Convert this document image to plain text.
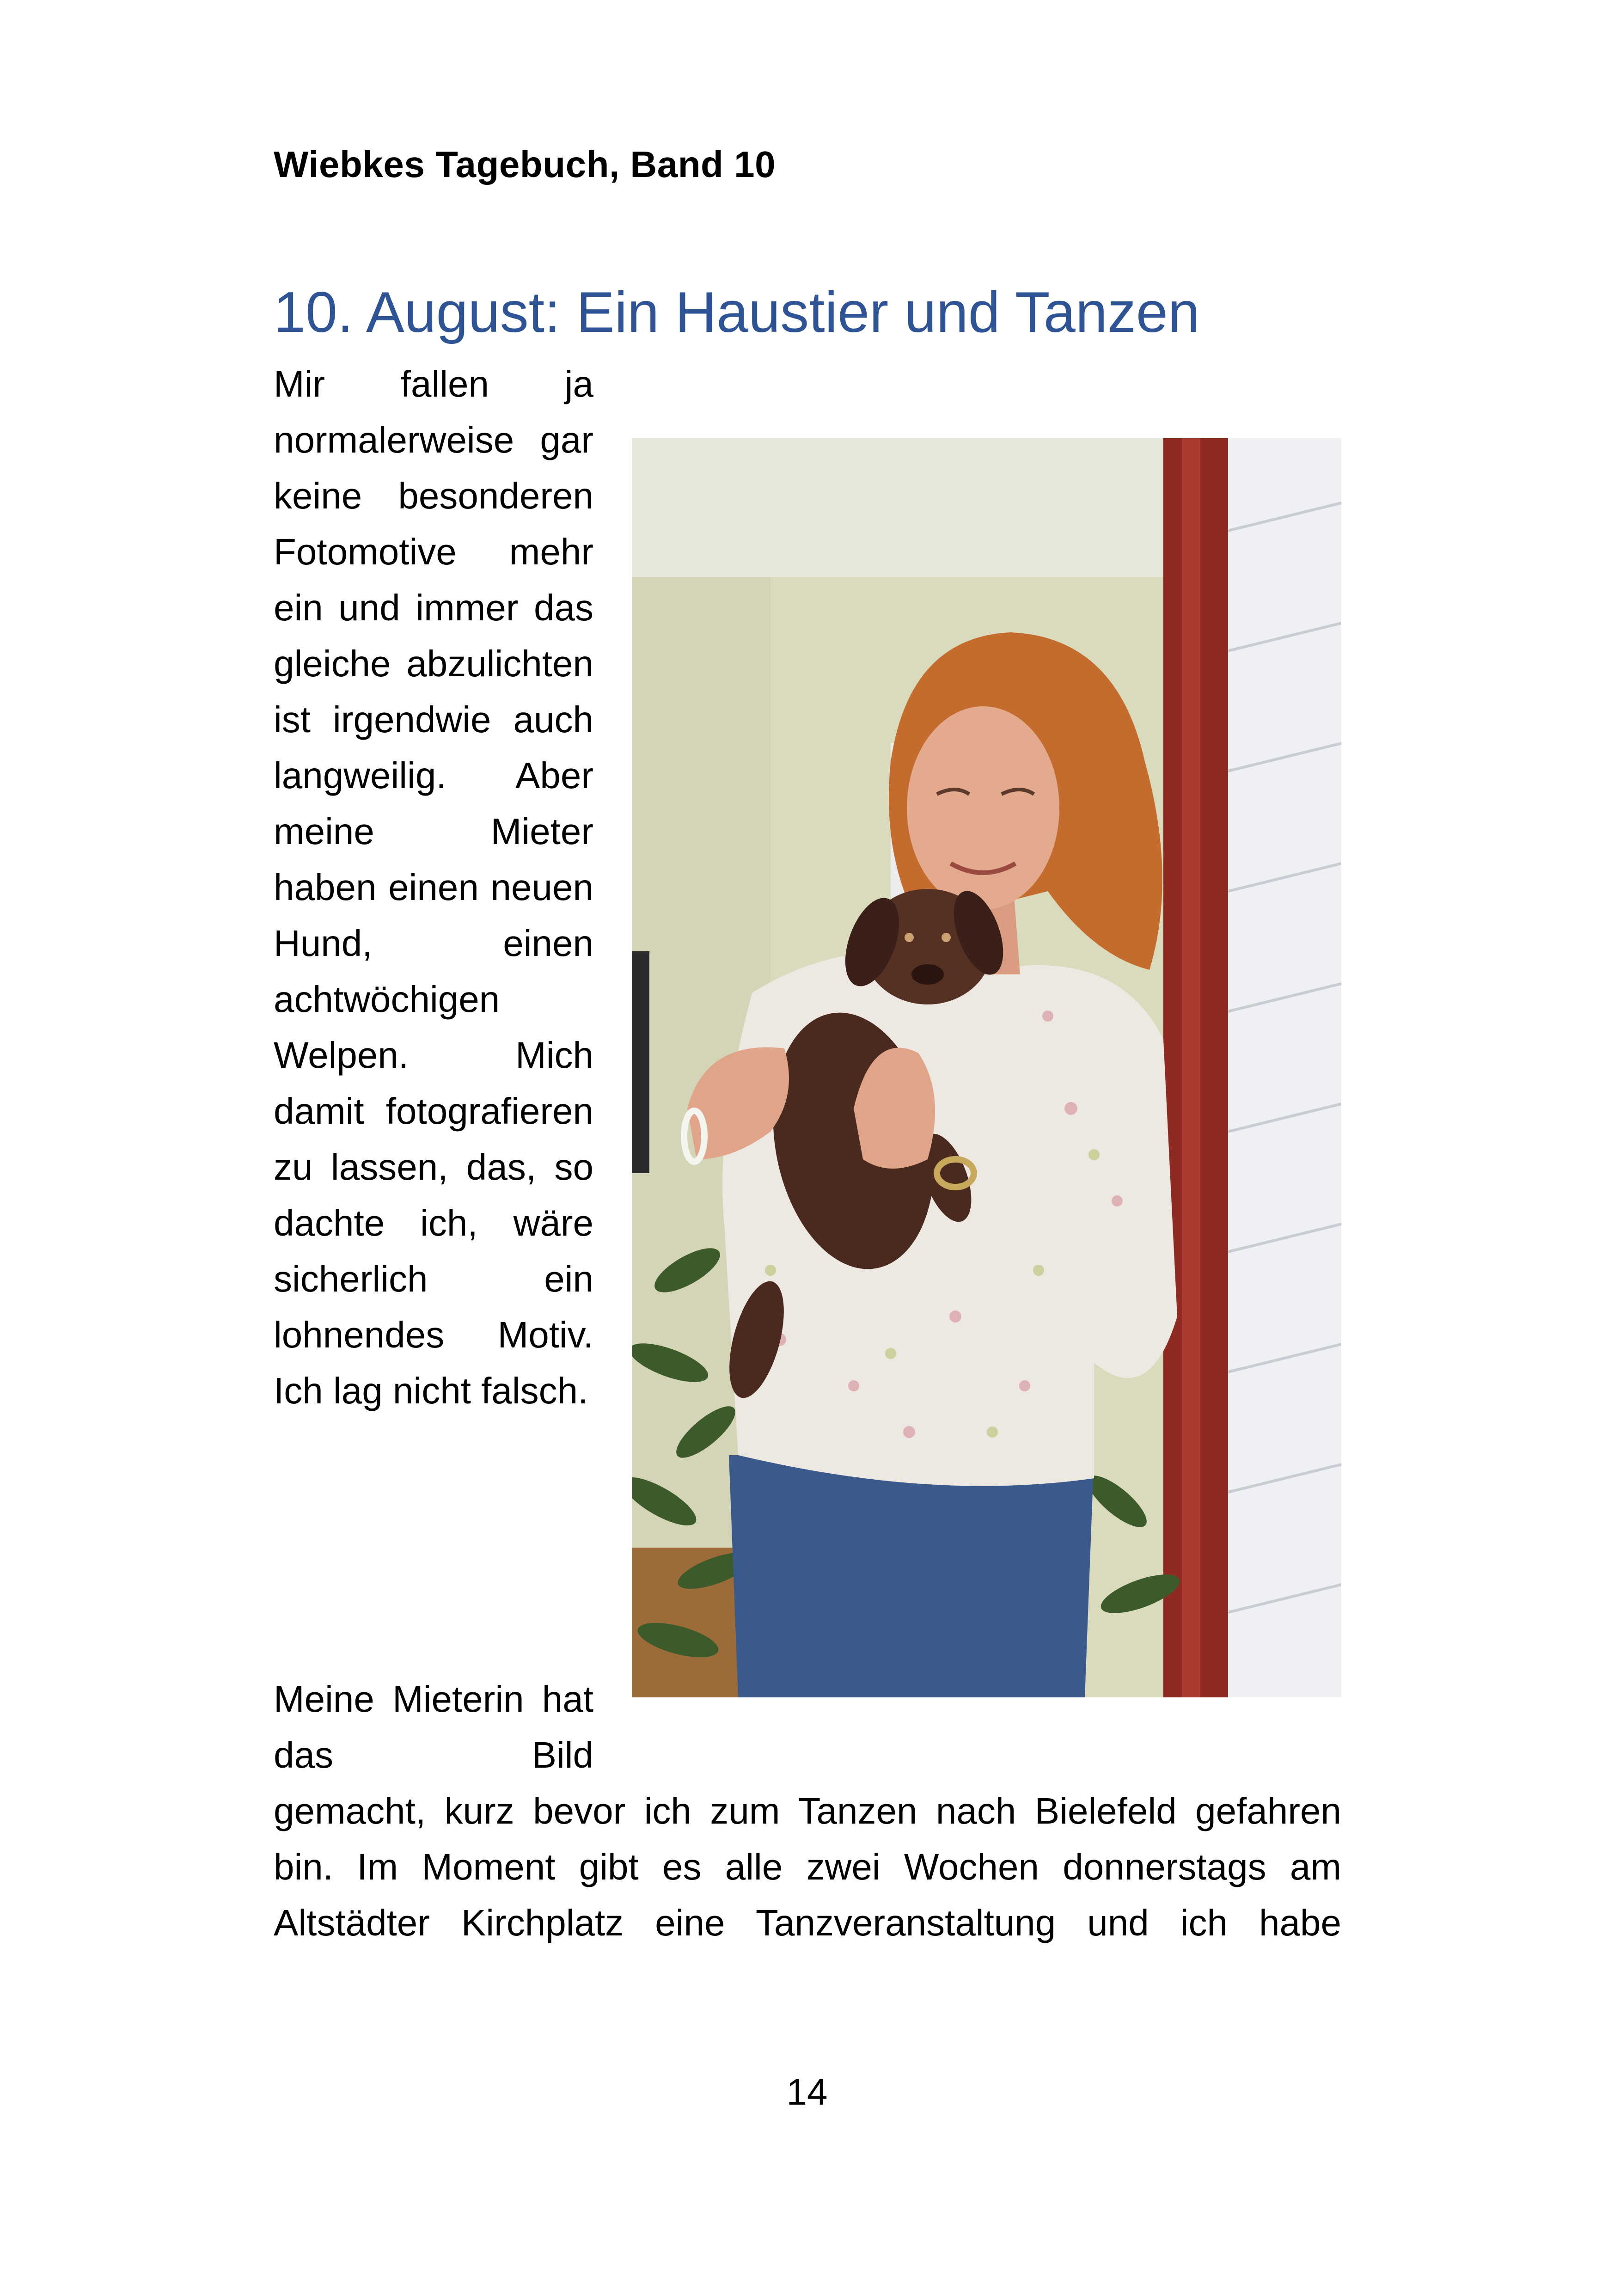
Wiebkes Tagebuch, Band 10
10. August: Ein Haustier und Tanzen

Mir fallen ja normalerweise gar keine besonderen Fotomotive mehr ein und immer das gleiche abzulichten ist irgendwie auch langweilig. Aber meine Mieter haben einen neuen Hund, einen achtwöchigen Welpen. Mich damit fotografieren zu lassen, das, so dachte ich, wäre sicherlich ein lohnendes Motiv. Ich lag nicht falsch.

Meine Mieterin hat das Bild

gemacht, kurz bevor ich zum Tanzen nach Bielefeld gefahren bin. Im Moment gibt es alle zwei Wochen donnerstags am Altstädter Kirchplatz eine Tanzveranstaltung und ich habe

14
